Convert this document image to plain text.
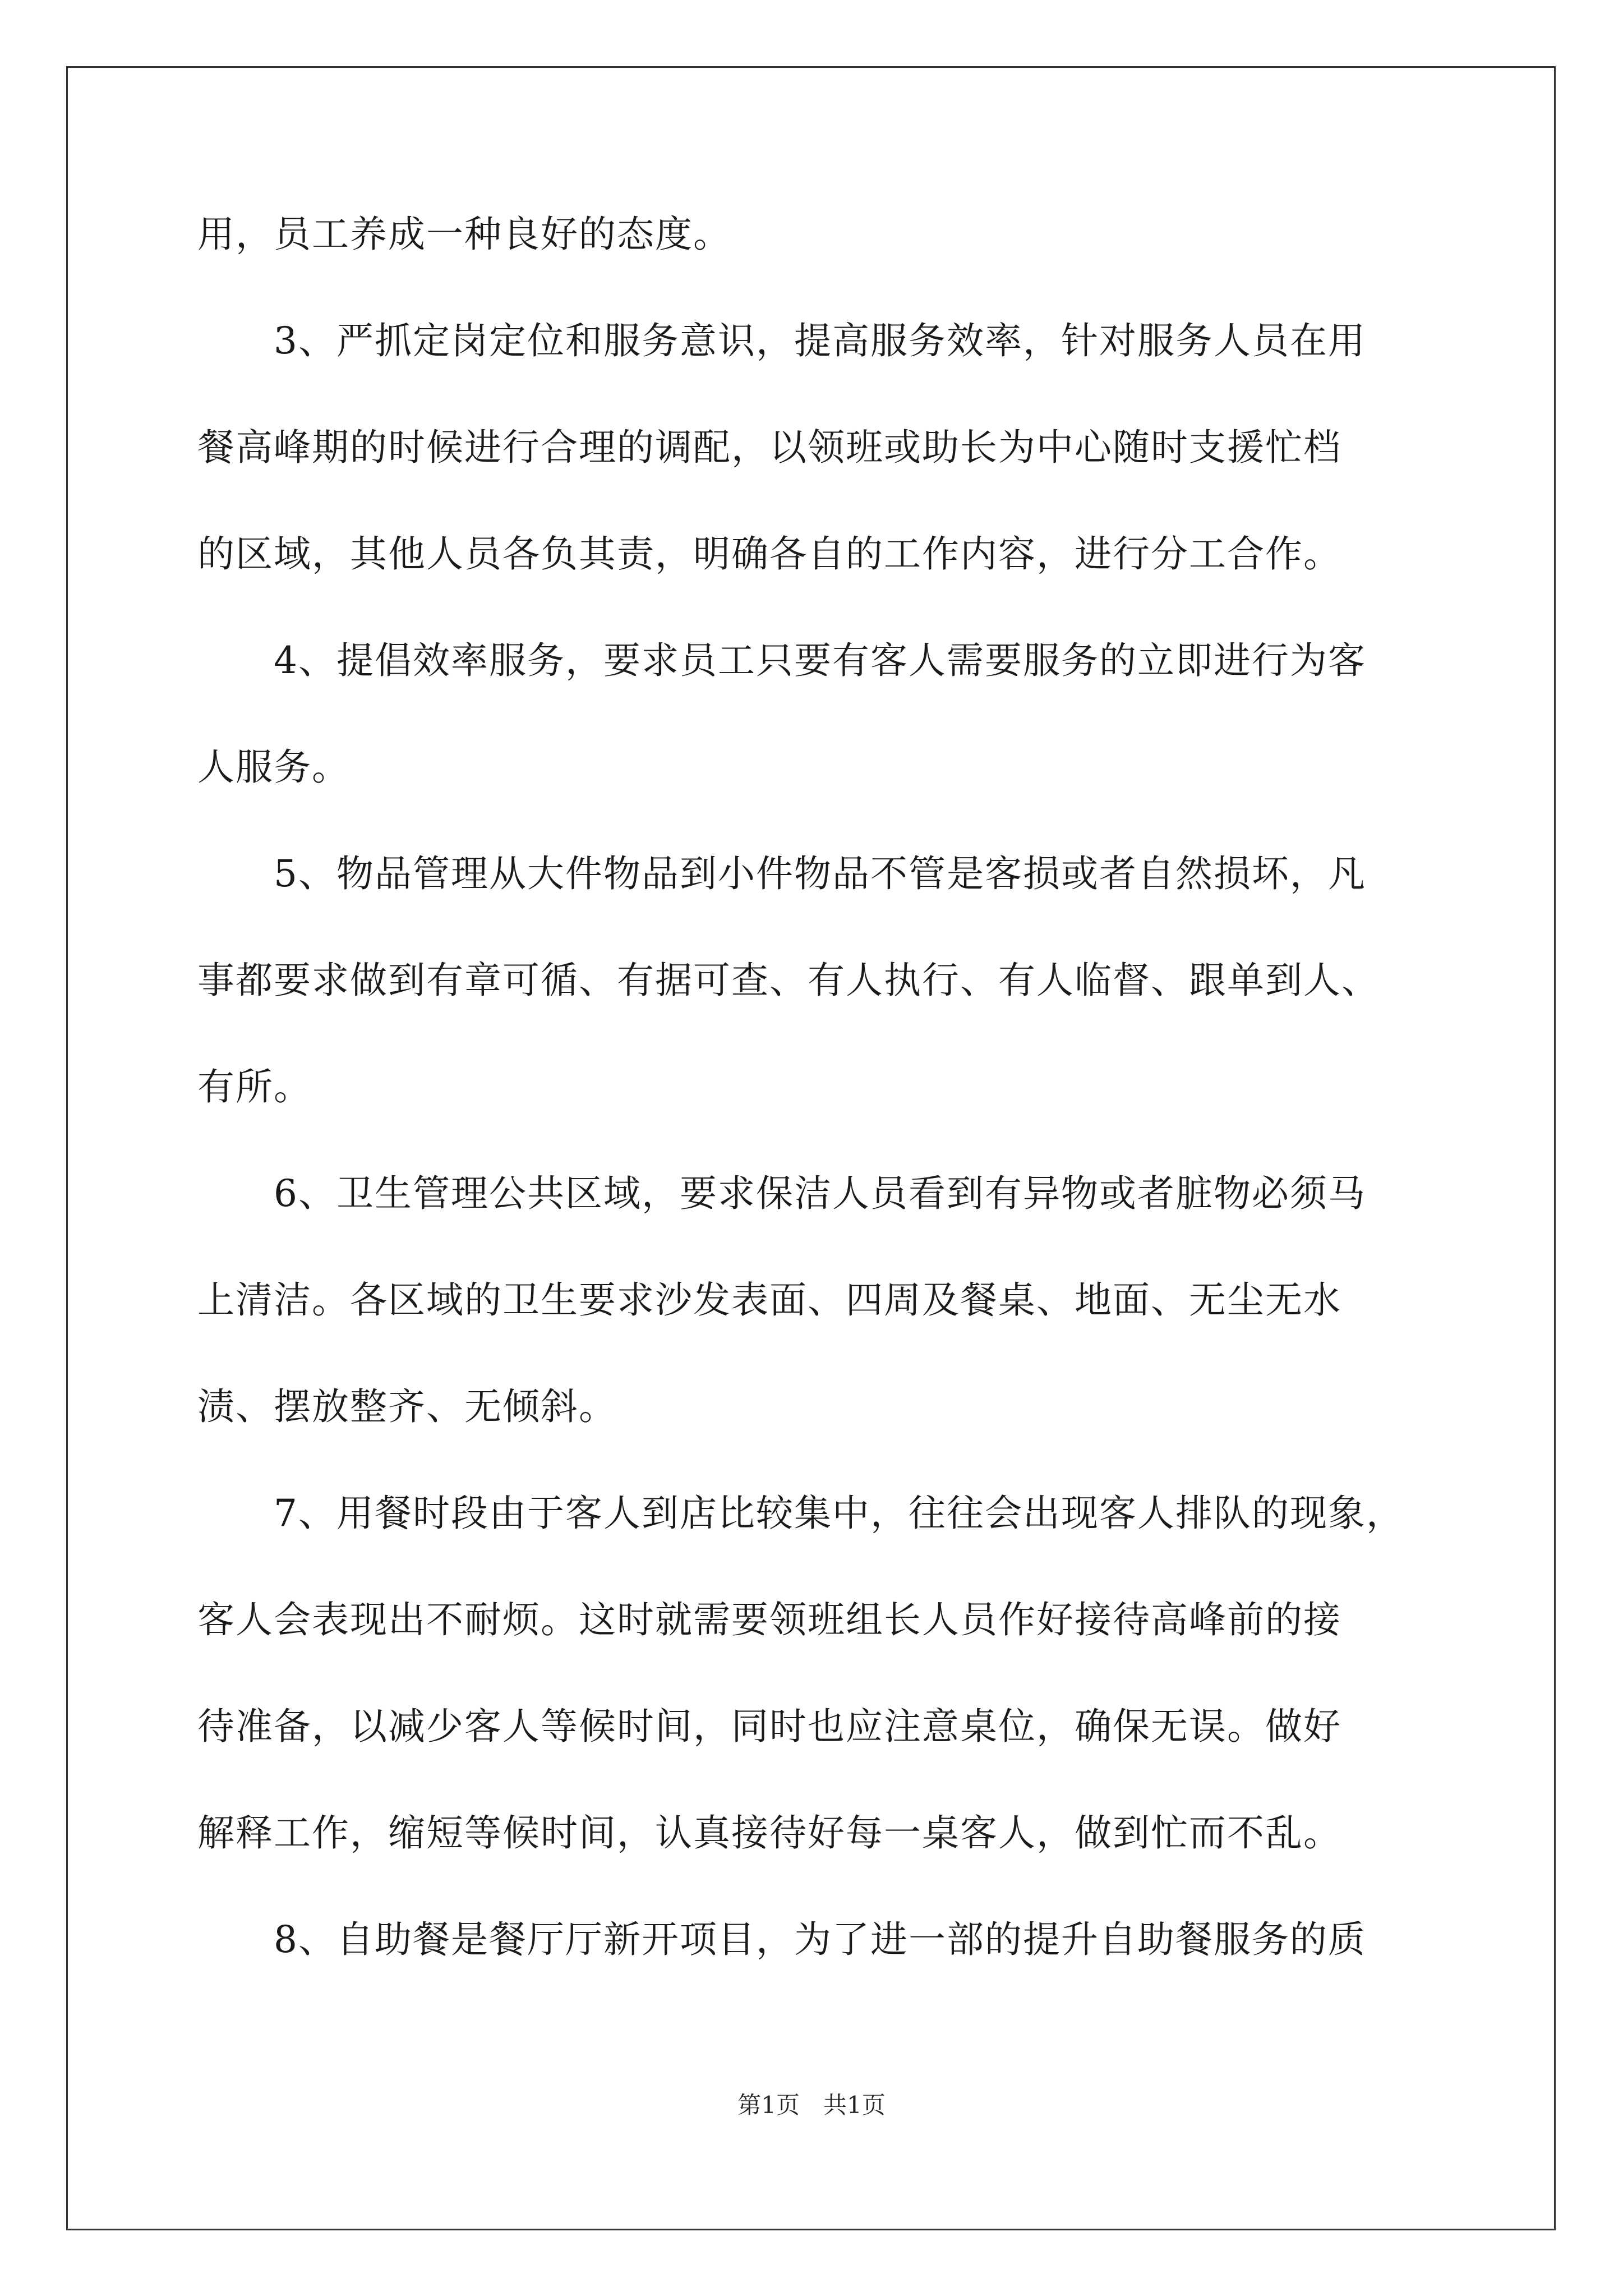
用，员工养成一种良好的态度。
　　3、严抓定岗定位和服务意识，提高服务效率，针对服务人员在用
餐高峰期的时候进行合理的调配，以领班或助长为中心随时支援忙档
的区域，其他人员各负其责，明确各自的工作内容，进行分工合作。
　　4、提倡效率服务，要求员工只要有客人需要服务的立即进行为客
人服务。
　　5、物品管理从大件物品到小件物品不管是客损或者自然损坏，凡
事都要求做到有章可循、有据可查、有人执行、有人临督、跟单到人、
有所。
　　6、卫生管理公共区域，要求保洁人员看到有异物或者脏物必须马
上清洁。各区域的卫生要求沙发表面、四周及餐桌、地面、无尘无水
渍、摆放整齐、无倾斜。
　　7、用餐时段由于客人到店比较集中，往往会出现客人排队的现象，
客人会表现出不耐烦。这时就需要领班组长人员作好接待高峰前的接
待准备，以减少客人等候时间，同时也应注意桌位，确保无误。做好
解释工作，缩短等候时间，认真接待好每一桌客人，做到忙而不乱。
　　8、自助餐是餐厅厅新开项目，为了进一部的提升自助餐服务的质
第1页　共1页
